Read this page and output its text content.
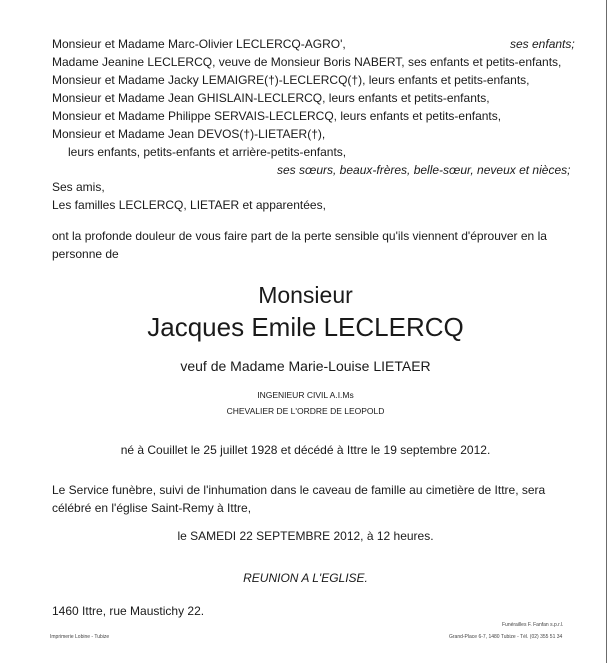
Monsieur et Madame Marc-Olivier LECLERCQ-AGRO',	ses enfants;
Madame Jeanine LECLERCQ, veuve de Monsieur Boris NABERT, ses enfants et petits-enfants,
Monsieur et Madame Jacky LEMAIGRE(†)-LECLERCQ(†), leurs enfants et petits-enfants,
Monsieur et Madame Jean GHISLAIN-LECLERCQ, leurs enfants et petits-enfants,
Monsieur et Madame Philippe SERVAIS-LECLERCQ, leurs enfants et petits-enfants,
Monsieur et Madame Jean DEVOS(†)-LIETAER(†),
leurs enfants, petits-enfants et arrière-petits-enfants,
ses sœurs, beaux-frères, belle-sœur, neveux et nièces;
Ses amis,
Les familles LECLERCQ, LIETAER et apparentées,
ont la profonde douleur de vous faire part de la perte sensible qu'ils viennent d'éprouver en la
personne de
Monsieur
Jacques Emile LECLERCQ
veuf de Madame Marie-Louise LIETAER
INGENIEUR CIVIL A.I.Ms
CHEVALIER DE L'ORDRE DE LEOPOLD
né à Couillet le 25 juillet 1928 et décédé à Ittre le 19 septembre 2012.
Le Service funèbre, suivi de l'inhumation dans le caveau de famille au cimetière de Ittre, sera
célébré en l'église Saint-Remy à Ittre,
le SAMEDI 22 SEPTEMBRE 2012, à 12 heures.
REUNION A L'EGLISE.
1460 Ittre, rue Maustichy 22.
Imprimerie Lobine - Tubize
Funérailles F. Fanfan s.p.r.l.
Grand-Place 6-7, 1480 Tubize - Tél. (02) 355 51 34
